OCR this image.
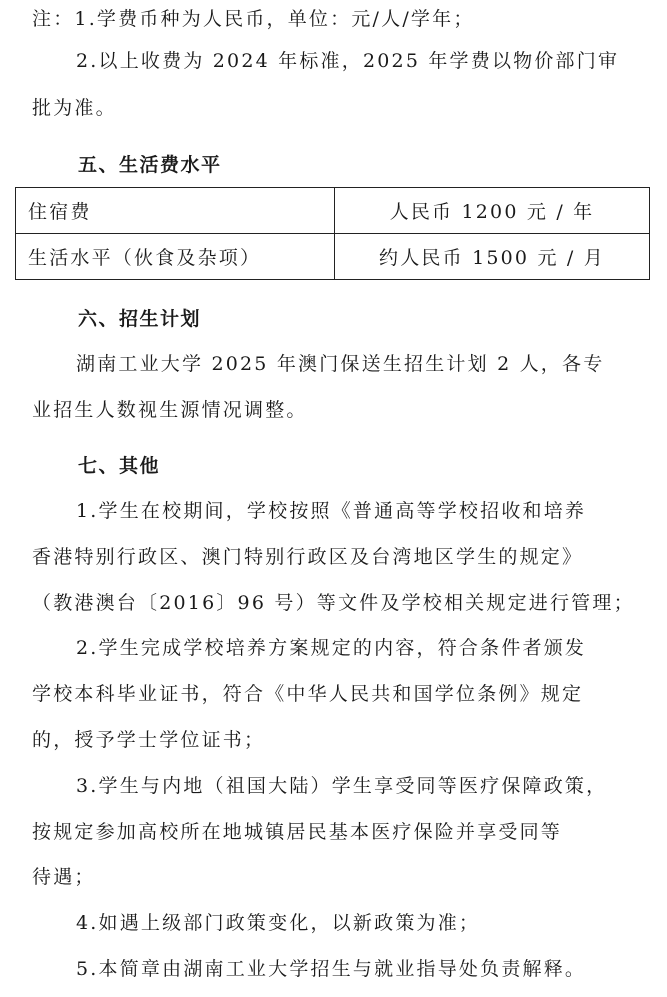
注：1.学费币种为人民币，单位：元/人/学年；
2.以上收费为 2024 年标准，2025 年学费以物价部门审
批为准。
五、生活费水平
住宿费	人民币 1200 元 / 年
生活水平（伙食及杂项）	约人民币 1500 元 / 月
六、招生计划
湖南工业大学 2025 年澳门保送生招生计划 2 人，各专
业招生人数视生源情况调整。
七、其他
1.学生在校期间，学校按照《普通高等学校招收和培养
香港特别行政区、澳门特别行政区及台湾地区学生的规定》
（教港澳台〔2016〕96 号）等文件及学校相关规定进行管理；
2.学生完成学校培养方案规定的内容，符合条件者颁发
学校本科毕业证书，符合《中华人民共和国学位条例》规定
的，授予学士学位证书；
3.学生与内地（祖国大陆）学生享受同等医疗保障政策，
按规定参加高校所在地城镇居民基本医疗保险并享受同等
待遇；
4.如遇上级部门政策变化，以新政策为准；
5.本简章由湖南工业大学招生与就业指导处负责解释。
